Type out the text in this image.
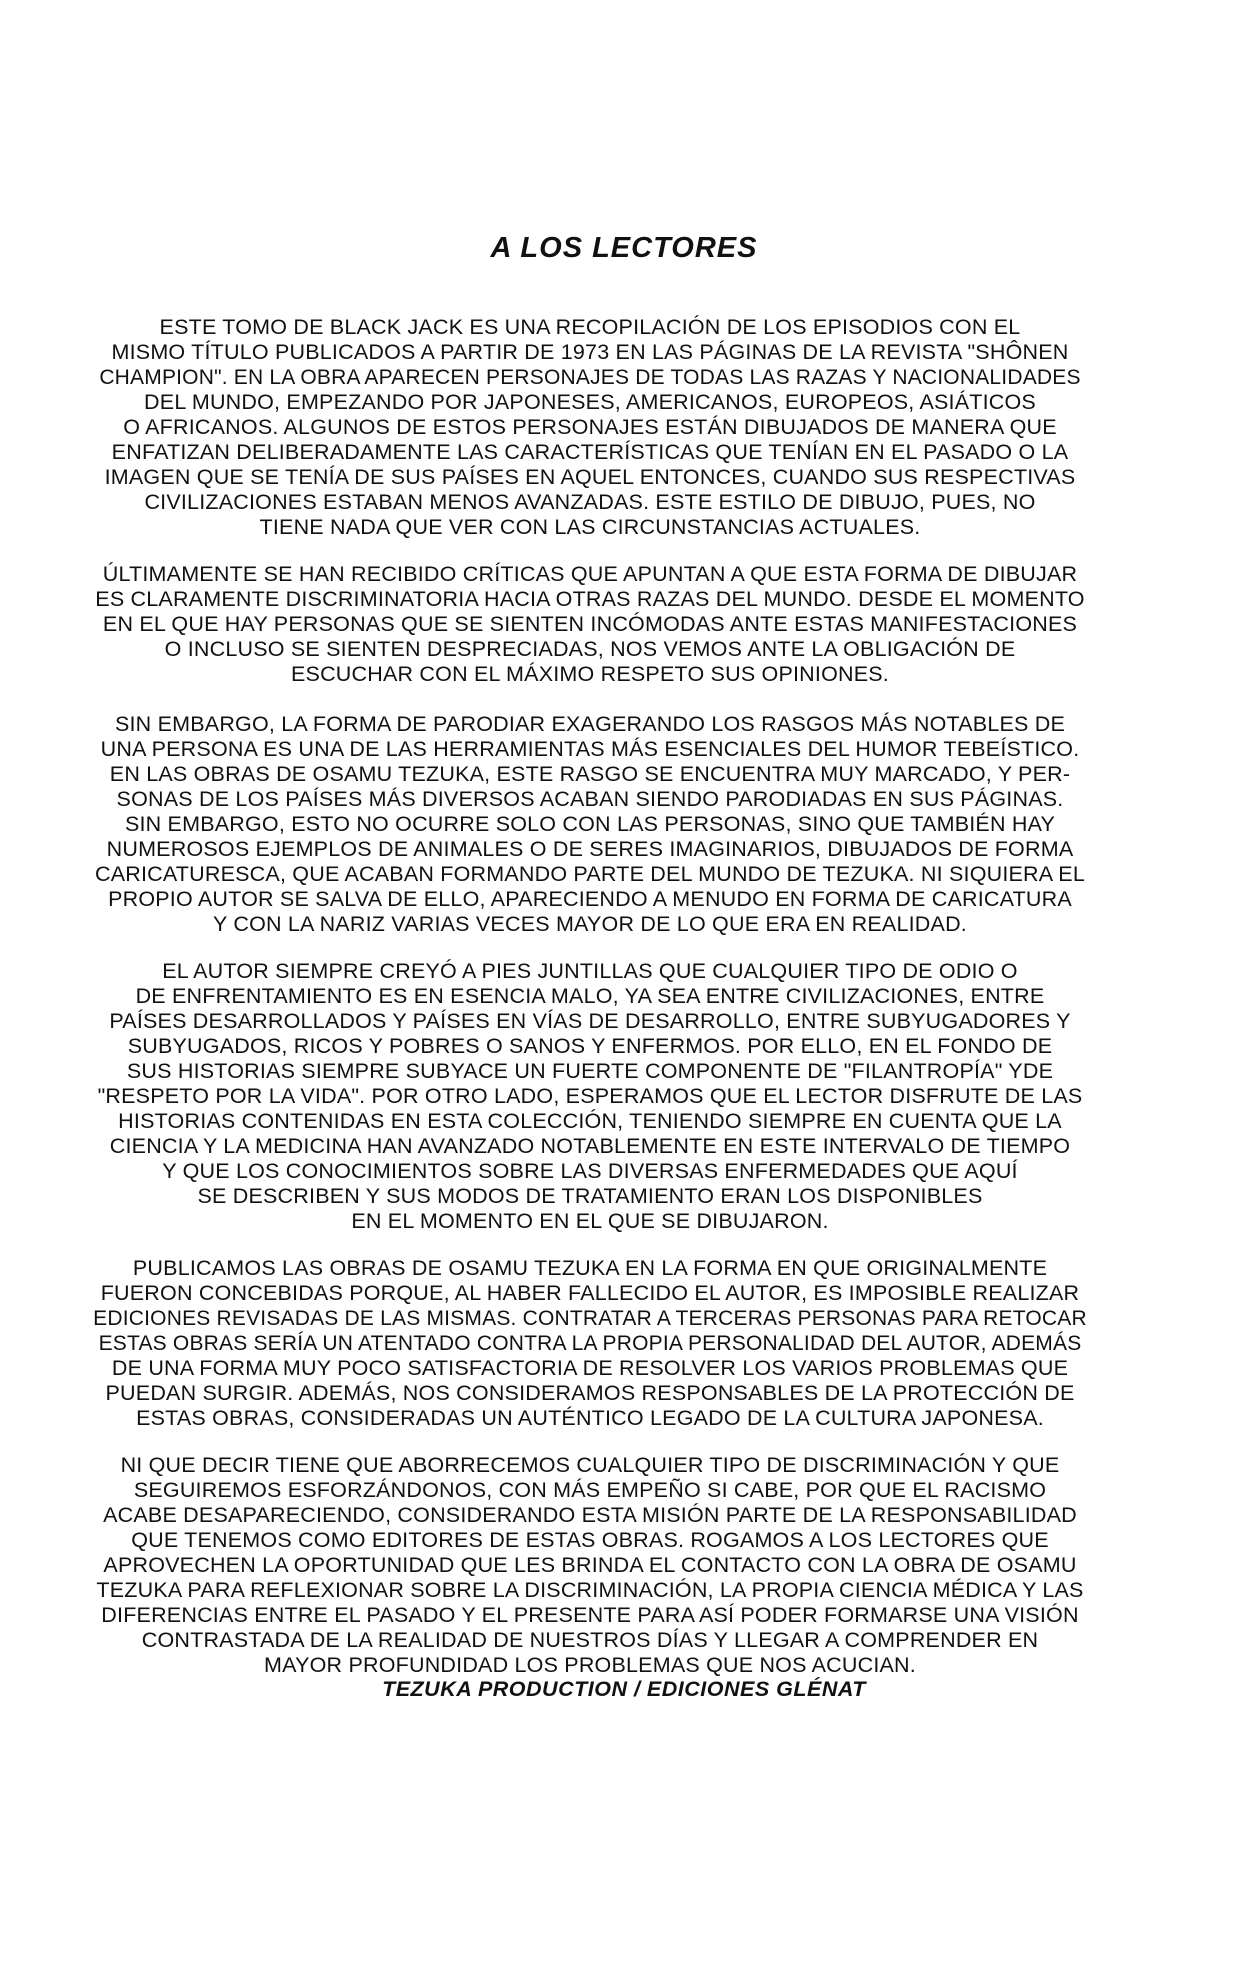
A LOS LECTORES

ESTE TOMO DE BLACK JACK ES UNA RECOPILACIÓN DE LOS EPISODIOS CON EL
MISMO TÍTULO PUBLICADOS A PARTIR DE 1973 EN LAS PÁGINAS DE LA REVISTA "SHÔNEN
CHAMPION". EN LA OBRA APARECEN PERSONAJES DE TODAS LAS RAZAS Y NACIONALIDADES
DEL MUNDO, EMPEZANDO POR JAPONESES, AMERICANOS, EUROPEOS, ASIÁTICOS
O AFRICANOS. ALGUNOS DE ESTOS PERSONAJES ESTÁN DIBUJADOS DE MANERA QUE
ENFATIZAN DELIBERADAMENTE LAS CARACTERÍSTICAS QUE TENÍAN EN EL PASADO O LA
IMAGEN QUE SE TENÍA DE SUS PAÍSES EN AQUEL ENTONCES, CUANDO SUS RESPECTIVAS
CIVILIZACIONES ESTABAN MENOS AVANZADAS. ESTE ESTILO DE DIBUJO, PUES, NO
TIENE NADA QUE VER CON LAS CIRCUNSTANCIAS ACTUALES.

ÚLTIMAMENTE SE HAN RECIBIDO CRÍTICAS QUE APUNTAN A QUE ESTA FORMA DE DIBUJAR
ES CLARAMENTE DISCRIMINATORIA HACIA OTRAS RAZAS DEL MUNDO. DESDE EL MOMENTO
EN EL QUE HAY PERSONAS QUE SE SIENTEN INCÓMODAS ANTE ESTAS MANIFESTACIONES
O INCLUSO SE SIENTEN DESPRECIADAS, NOS VEMOS ANTE LA OBLIGACIÓN DE
ESCUCHAR CON EL MÁXIMO RESPETO SUS OPINIONES.

SIN EMBARGO, LA FORMA DE PARODIAR EXAGERANDO LOS RASGOS MÁS NOTABLES DE
UNA PERSONA ES UNA DE LAS HERRAMIENTAS MÁS ESENCIALES DEL HUMOR TEBEÍSTICO.
EN LAS OBRAS DE OSAMU TEZUKA, ESTE RASGO SE ENCUENTRA MUY MARCADO, Y PER-
SONAS DE LOS PAÍSES MÁS DIVERSOS ACABAN SIENDO PARODIADAS EN SUS PÁGINAS.
SIN EMBARGO, ESTO NO OCURRE SOLO CON LAS PERSONAS, SINO QUE TAMBIÉN HAY
NUMEROSOS EJEMPLOS DE ANIMALES O DE SERES IMAGINARIOS, DIBUJADOS DE FORMA
CARICATURESCA, QUE ACABAN FORMANDO PARTE DEL MUNDO DE TEZUKA. NI SIQUIERA EL
PROPIO AUTOR SE SALVA DE ELLO, APARECIENDO A MENUDO EN FORMA DE CARICATURA
Y CON LA NARIZ VARIAS VECES MAYOR DE LO QUE ERA EN REALIDAD.

EL AUTOR SIEMPRE CREYÓ A PIES JUNTILLAS QUE CUALQUIER TIPO DE ODIO O
DE ENFRENTAMIENTO ES EN ESENCIA MALO, YA SEA ENTRE CIVILIZACIONES, ENTRE
PAÍSES DESARROLLADOS Y PAÍSES EN VÍAS DE DESARROLLO, ENTRE SUBYUGADORES Y
SUBYUGADOS, RICOS Y POBRES O SANOS Y ENFERMOS. POR ELLO, EN EL FONDO DE
SUS HISTORIAS SIEMPRE SUBYACE UN FUERTE COMPONENTE DE "FILANTROPÍA" YDE
"RESPETO POR LA VIDA". POR OTRO LADO, ESPERAMOS QUE EL LECTOR DISFRUTE DE LAS
HISTORIAS CONTENIDAS EN ESTA COLECCIÓN, TENIENDO SIEMPRE EN CUENTA QUE LA
CIENCIA Y LA MEDICINA HAN AVANZADO NOTABLEMENTE EN ESTE INTERVALO DE TIEMPO
Y QUE LOS CONOCIMIENTOS SOBRE LAS DIVERSAS ENFERMEDADES QUE AQUÍ
SE DESCRIBEN Y SUS MODOS DE TRATAMIENTO ERAN LOS DISPONIBLES
EN EL MOMENTO EN EL QUE SE DIBUJARON.

PUBLICAMOS LAS OBRAS DE OSAMU TEZUKA EN LA FORMA EN QUE ORIGINALMENTE
FUERON CONCEBIDAS PORQUE, AL HABER FALLECIDO EL AUTOR, ES IMPOSIBLE REALIZAR
EDICIONES REVISADAS DE LAS MISMAS. CONTRATAR A TERCERAS PERSONAS PARA RETOCAR
ESTAS OBRAS SERÍA UN ATENTADO CONTRA LA PROPIA PERSONALIDAD DEL AUTOR, ADEMÁS
DE UNA FORMA MUY POCO SATISFACTORIA DE RESOLVER LOS VARIOS PROBLEMAS QUE
PUEDAN SURGIR. ADEMÁS, NOS CONSIDERAMOS RESPONSABLES DE LA PROTECCIÓN DE
ESTAS OBRAS, CONSIDERADAS UN AUTÉNTICO LEGADO DE LA CULTURA JAPONESA.

NI QUE DECIR TIENE QUE ABORRECEMOS CUALQUIER TIPO DE DISCRIMINACIÓN Y QUE
SEGUIREMOS ESFORZÁNDONOS, CON MÁS EMPEÑO SI CABE, POR QUE EL RACISMO
ACABE DESAPARECIENDO, CONSIDERANDO ESTA MISIÓN PARTE DE LA RESPONSABILIDAD
QUE TENEMOS COMO EDITORES DE ESTAS OBRAS. ROGAMOS A LOS LECTORES QUE
APROVECHEN LA OPORTUNIDAD QUE LES BRINDA EL CONTACTO CON LA OBRA DE OSAMU
TEZUKA PARA REFLEXIONAR SOBRE LA DISCRIMINACIÓN, LA PROPIA CIENCIA MÉDICA Y LAS
DIFERENCIAS ENTRE EL PASADO Y EL PRESENTE PARA ASÍ PODER FORMARSE UNA VISIÓN
CONTRASTADA DE LA REALIDAD DE NUESTROS DÍAS Y LLEGAR A COMPRENDER EN
MAYOR PROFUNDIDAD LOS PROBLEMAS QUE NOS ACUCIAN.

TEZUKA PRODUCTION / EDICIONES GLÉNAT
